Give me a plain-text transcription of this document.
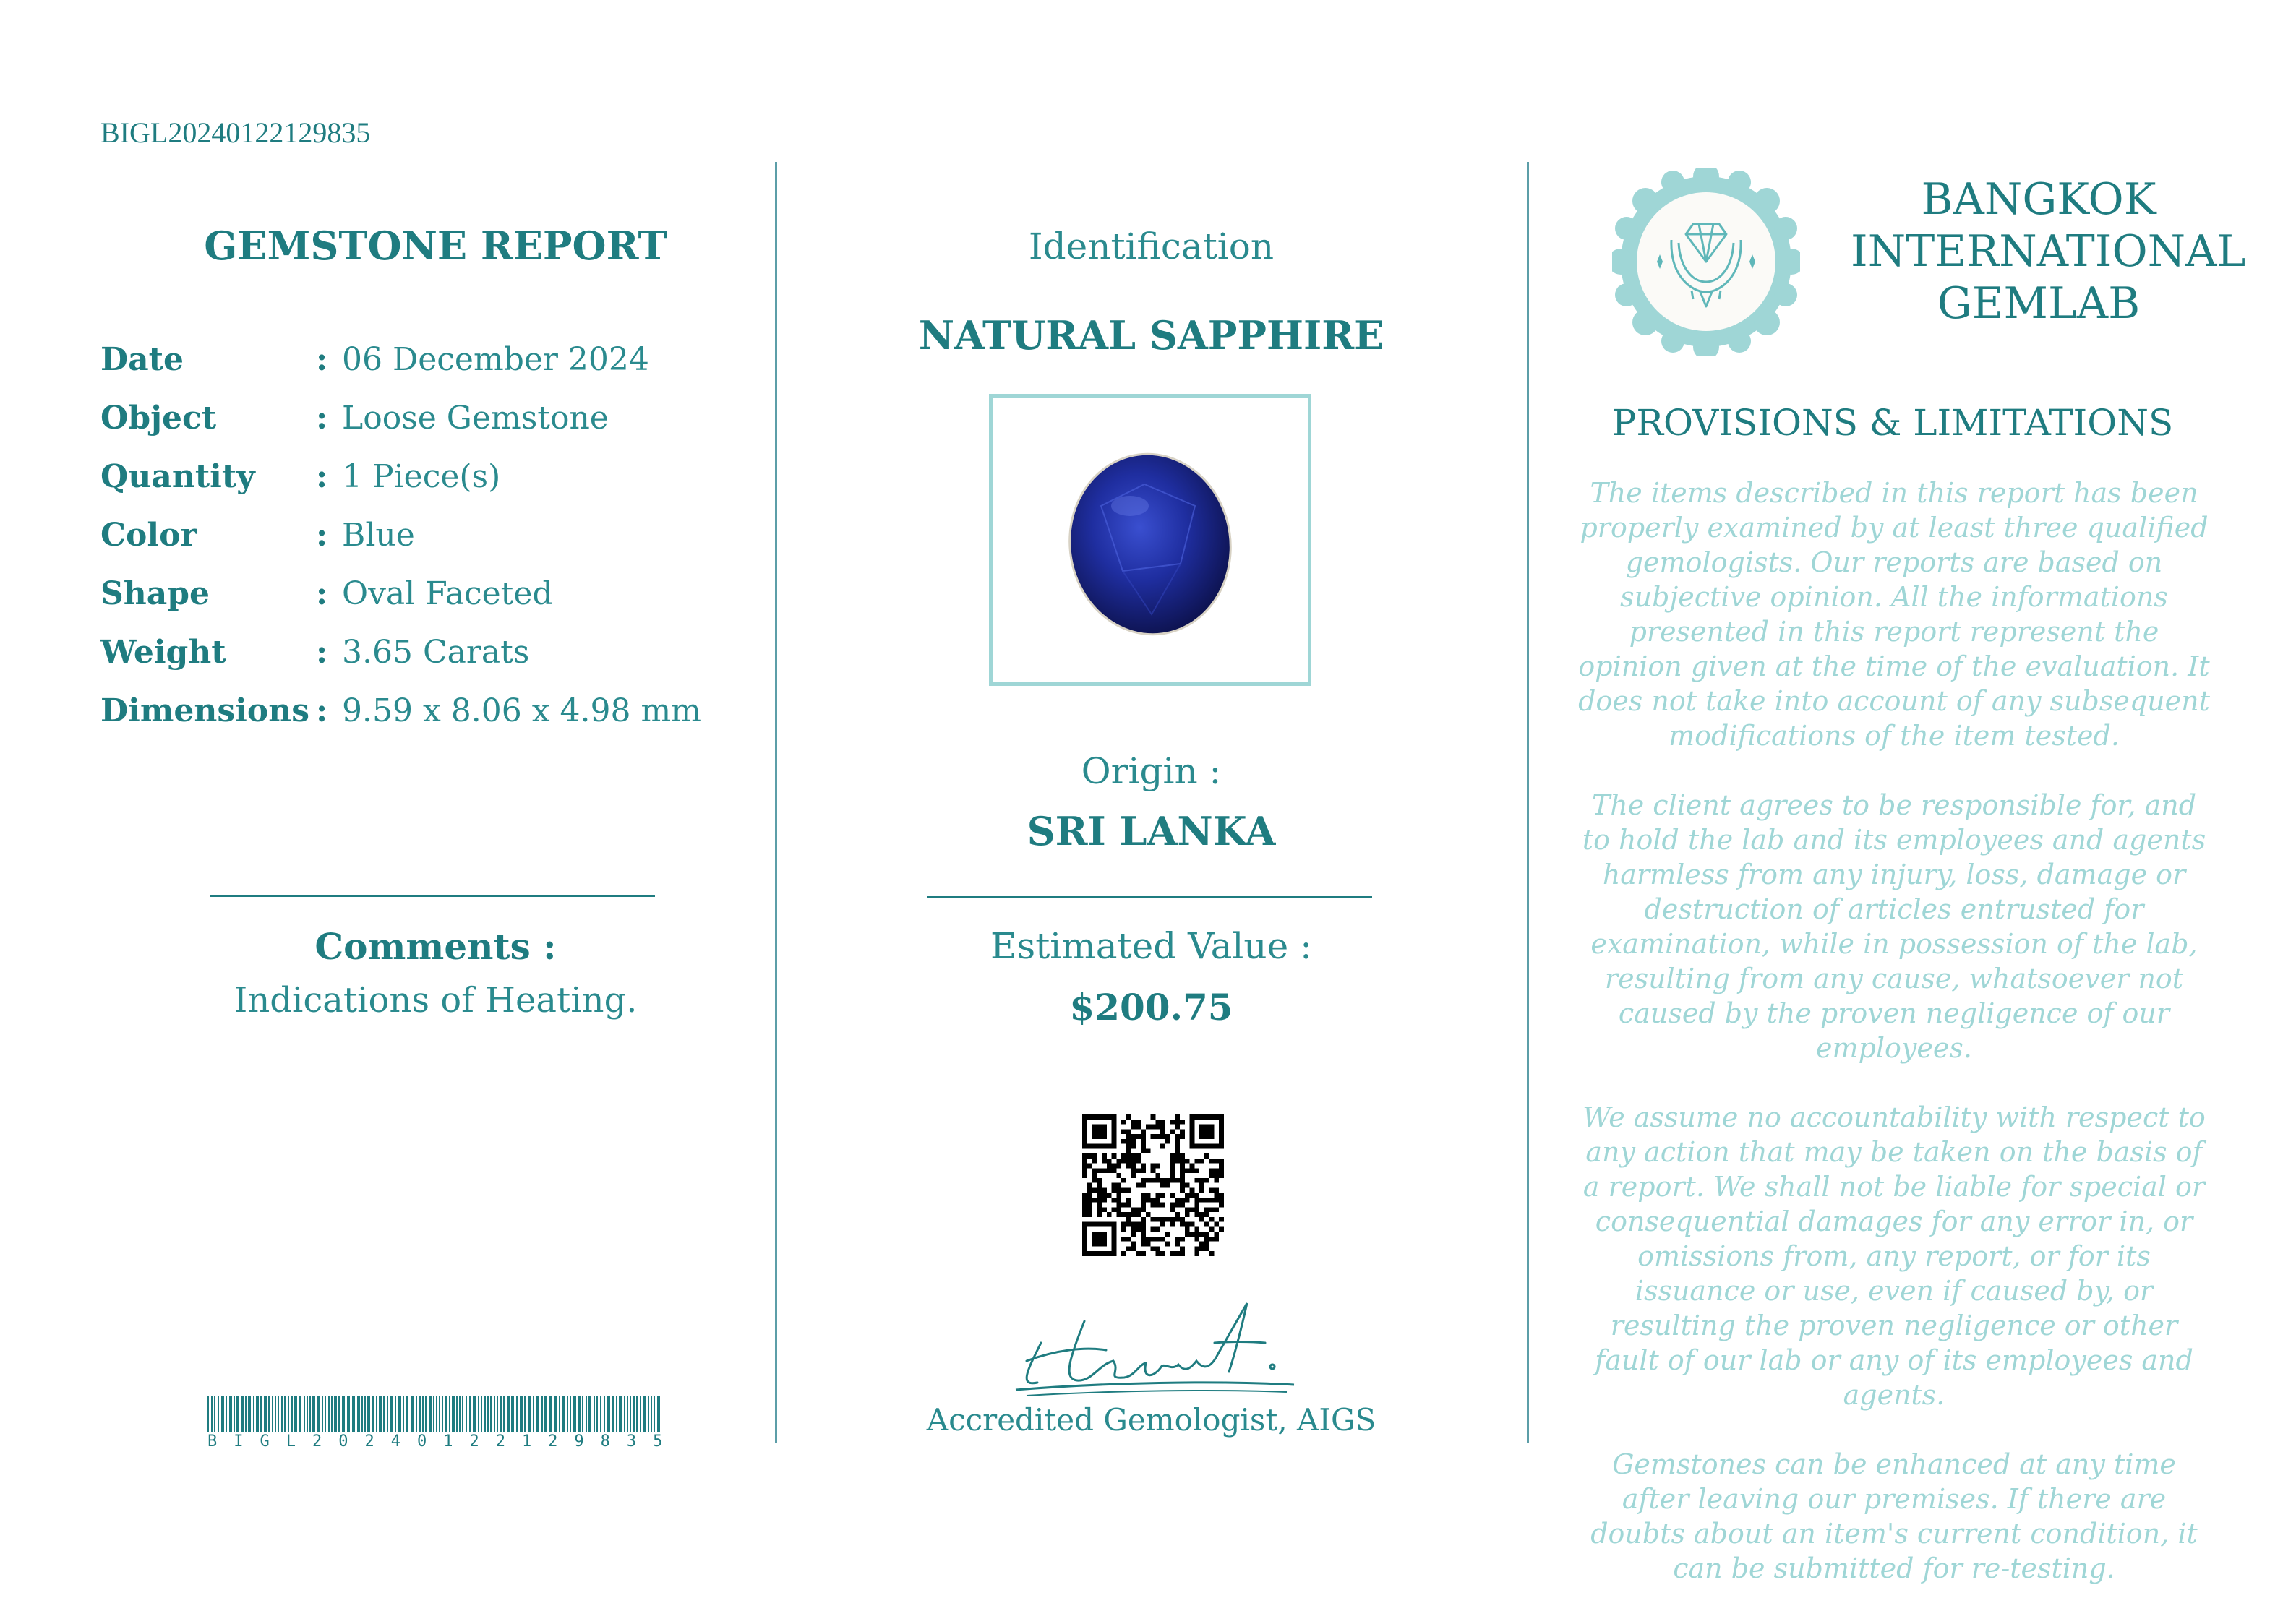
BIGL20240122129835
GEMSTONE REPORT
Date	: 06 December 2024
Object	: Loose Gemstone
Quantity : 1 Piece(s)
Color	: Blue
Shape	: Oval Faceted
Weight	: 3.65 Carats
Dimensions : 9.59 x 8.06 x 4.98 mm
Comments :
Indications of Heating.
BIGL20240122129835
Identification
NATURAL SAPPHIRE
Origin :
SRI LANKA
Estimated Value :
$200.75
Accredited Gemologist, AIGS
BANGKOK
INTERNATIONAL
GEMLAB
PROVISIONS & LIMITATIONS

The items described in this report has been properly examined by at least three qualified gemologists. Our reports are based on subjective opinion. All the informations presented in this report represent the opinion given at the time of the evaluation. It does not take into account of any subsequent modifications of the item tested.

The client agrees to be responsible for, and to hold the lab and its employees and agents harmless from any injury, loss, damage or destruction of articles entrusted for examination, while in possession of the lab, resulting from any cause, whatsoever not caused by the proven negligence of our employees.

We assume no accountability with respect to any action that may be taken on the basis of a report. We shall not be liable for special or consequential damages for any error in, or omissions from, any report, or for its issuance or use, even if caused by, or resulting the proven negligence or other fault of our lab or any of its employees and agents.

Gemstones can be enhanced at any time after leaving our premises. If there are doubts about an item's current condition, it can be submitted for re-testing.
